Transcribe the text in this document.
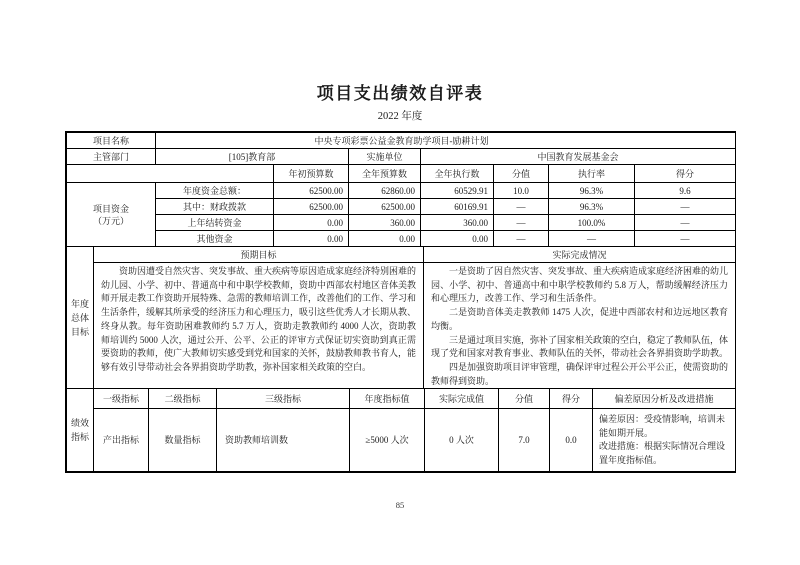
项目支出绩效自评表
2022 年度
项目名称	中央专项彩票公益金教育助学项目-励耕计划		
主管部门	[105]教育部	实施单位	中国教育发展基金会
		年初预算数	全年预算数	全年执行数	分值	执行率	得分

项目资金
（万元）	年度资金总额：	62500.00	62860.00	60529.91	10.0	96.3%	9.6
	其中：财政拨款	62500.00	62500.00	60169.91	—	96.3%	—
	上年结转资金	0.00	360.00	360.00	—	100.0%	—
	其他资金	0.00	0.00	0.00	—	—	—
年度总体目标	预期目标	实际完成情况

资助因遭受自然灾害、突发事故、重大疾病等原因造成家庭经济特别困难的幼儿园、小学、初中、普通高中和中职学校教师，资助中西部农村地区音体美教师开展走教工作资助开展特殊、急需的教师培训工作，改善他们的工作、学习和生活条件，缓解其所承受的经济压力和心理压力，吸引这些优秀人才长期从教、终身从教。每年资助困难教师约 5.7 万人，资助走教教师约 4000 人次，资助教师培训约 5000 人次，通过公开、公平、公正的评审方式保证切实资助到真正需要资助的教师，使广大教师切实感受到党和国家的关怀，鼓励教师教书育人，能够有效引导带动社会各界捐资助学助教，弥补国家相关政策的空白。

一是资助了因自然灾害、突发事故、重大疾病造成家庭经济困难的幼儿园、小学、初中、普通高中和中职学校教师约 5.8 万人，帮助缓解经济压力和心理压力，改善工作、学习和生活条件。
二是资助音体美走教教师 1475 人次，促进中西部农村和边远地区教育均衡。
三是通过项目实施，弥补了国家相关政策的空白，稳定了教师队伍，体现了党和国家对教育事业、教师队伍的关怀，带动社会各界捐资助学助教。
四是加强资助项目评审管理，确保评审过程公开公平公正，使需资助的教师得到资助。
绩效指标	一级指标	二级指标	三级指标	年度指标值	实际完成值	分值	得分	偏差原因分析及改进措施
	产出指标	数量指标	资助教师培训数	≥5000 人次	0 人次	7.0	0.0	偏差原因：受疫情影响，培训未能如期开展。
改进措施：根据实际情况合理设置年度指标值。
85
